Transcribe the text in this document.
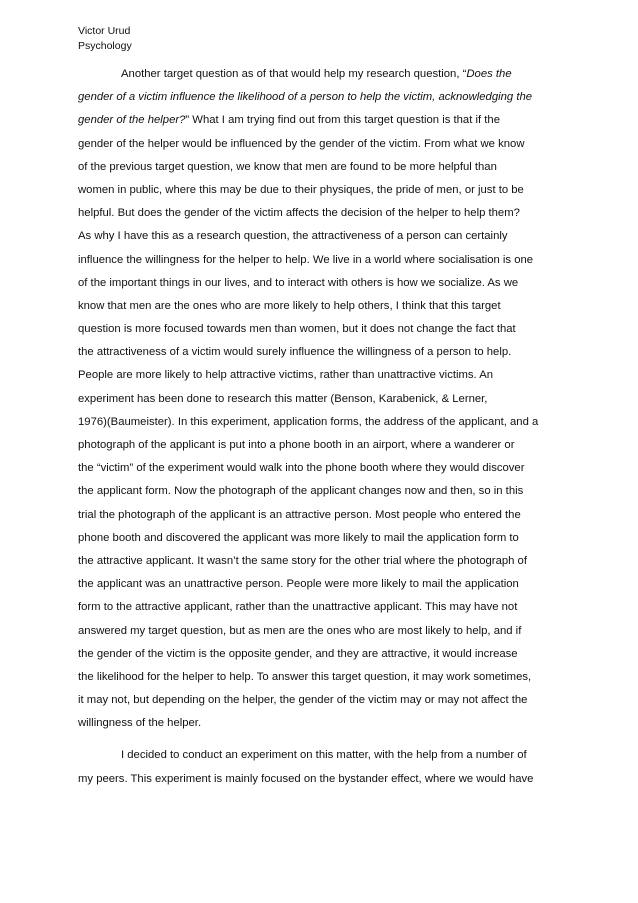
Victor Urud
Psychology
Another target question as of that would help my research question, “Does the
gender of a victim influence the likelihood of a person to help the victim, acknowledging the
gender of the helper?” What I am trying find out from this target question is that if the
gender of the helper would be influenced by the gender of the victim. From what we know
of the previous target question, we know that men are found to be more helpful than
women in public, where this may be due to their physiques, the pride of men, or just to be
helpful. But does the gender of the victim affects the decision of the helper to help them?
As why I have this as a research question, the attractiveness of a person can certainly
influence the willingness for the helper to help. We live in a world where socialisation is one
of the important things in our lives, and to interact with others is how we socialize. As we
know that men are the ones who are more likely to help others, I think that this target
question is more focused towards men than women, but it does not change the fact that
the attractiveness of a victim would surely influence the willingness of a person to help.
People are more likely to help attractive victims, rather than unattractive victims. An
experiment has been done to research this matter (Benson, Karabenick, & Lerner,
1976)(Baumeister). In this experiment, application forms, the address of the applicant, and a
photograph of the applicant is put into a phone booth in an airport, where a wanderer or
the “victim” of the experiment would walk into the phone booth where they would discover
the applicant form. Now the photograph of the applicant changes now and then, so in this
trial the photograph of the applicant is an attractive person. Most people who entered the
phone booth and discovered the applicant was more likely to mail the application form to
the attractive applicant. It wasn’t the same story for the other trial where the photograph of
the applicant was an unattractive person. People were more likely to mail the application
form to the attractive applicant, rather than the unattractive applicant. This may have not
answered my target question, but as men are the ones who are most likely to help, and if
the gender of the victim is the opposite gender, and they are attractive, it would increase
the likelihood for the helper to help. To answer this target question, it may work sometimes,
it may not, but depending on the helper, the gender of the victim may or may not affect the
willingness of the helper.
I decided to conduct an experiment on this matter, with the help from a number of
my peers. This experiment is mainly focused on the bystander effect, where we would have
